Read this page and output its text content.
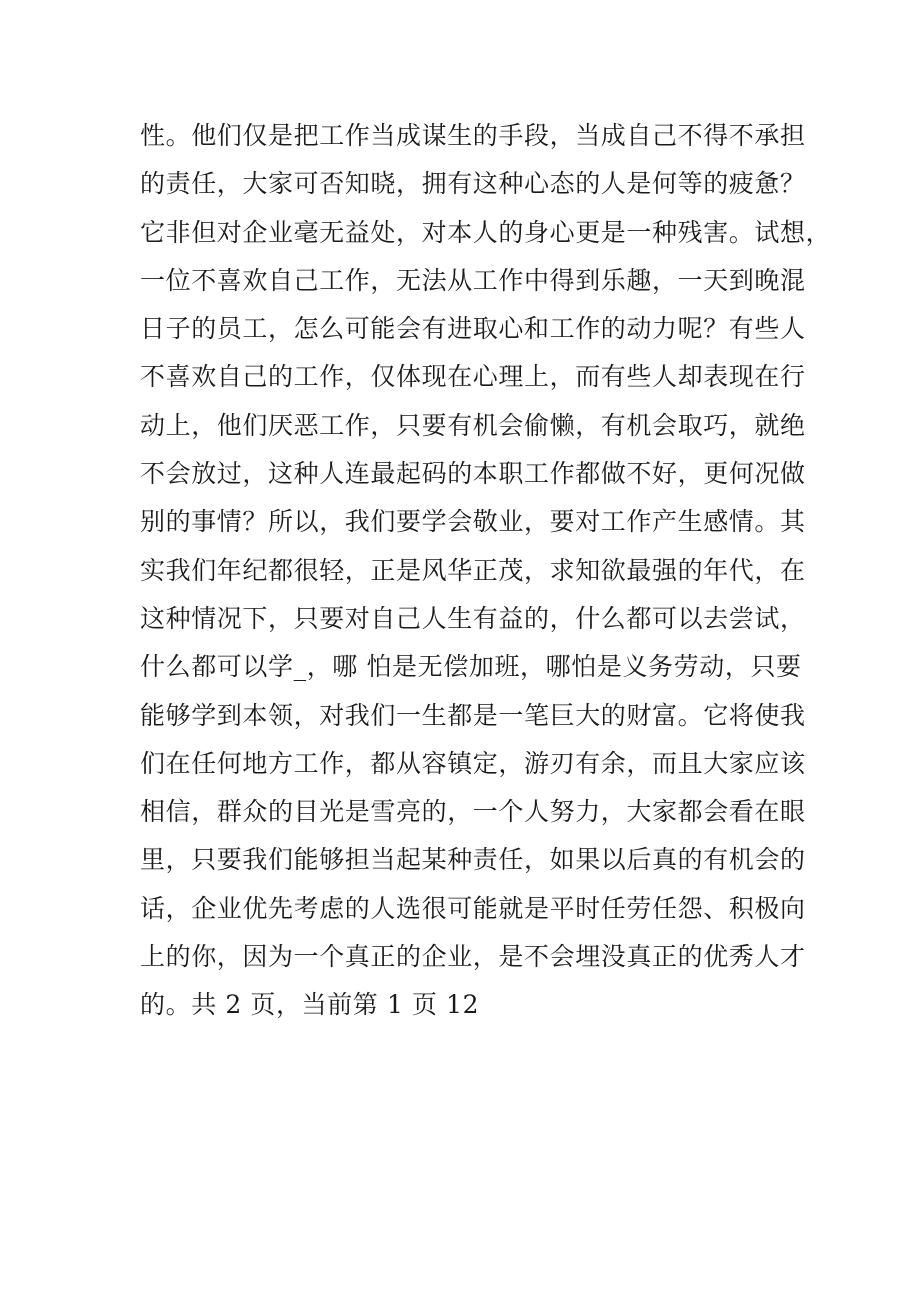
性。他们仅是把工作当成谋生的手段，当成自己不得不承担
的责任，大家可否知晓，拥有这种心态的人是何等的疲惫？
它非但对企业毫无益处，对本人的身心更是一种残害。试想，
一位不喜欢自己工作，无法从工作中得到乐趣，一天到晚混
日子的员工，怎么可能会有进取心和工作的动力呢？有些人
不喜欢自己的工作，仅体现在心理上，而有些人却表现在行
动上，他们厌恶工作，只要有机会偷懒，有机会取巧，就绝
不会放过，这种人连最起码的本职工作都做不好，更何况做
别的事情？所以，我们要学会敬业，要对工作产生感情。其
实我们年纪都很轻，正是风华正茂，求知欲最强的年代，在
这种情况下，只要对自己人生有益的，什么都可以去尝试，
什么都可以学_，哪 怕是无偿加班，哪怕是义务劳动，只要
能够学到本领，对我们一生都是一笔巨大的财富。它将使我
们在任何地方工作，都从容镇定，游刃有余，而且大家应该
相信，群众的目光是雪亮的，一个人努力，大家都会看在眼
里，只要我们能够担当起某种责任，如果以后真的有机会的
话，企业优先考虑的人选很可能就是平时任劳任怨、积极向
上的你，因为一个真正的企业，是不会埋没真正的优秀人才
的。共 2 页，当前第 1 页 12
